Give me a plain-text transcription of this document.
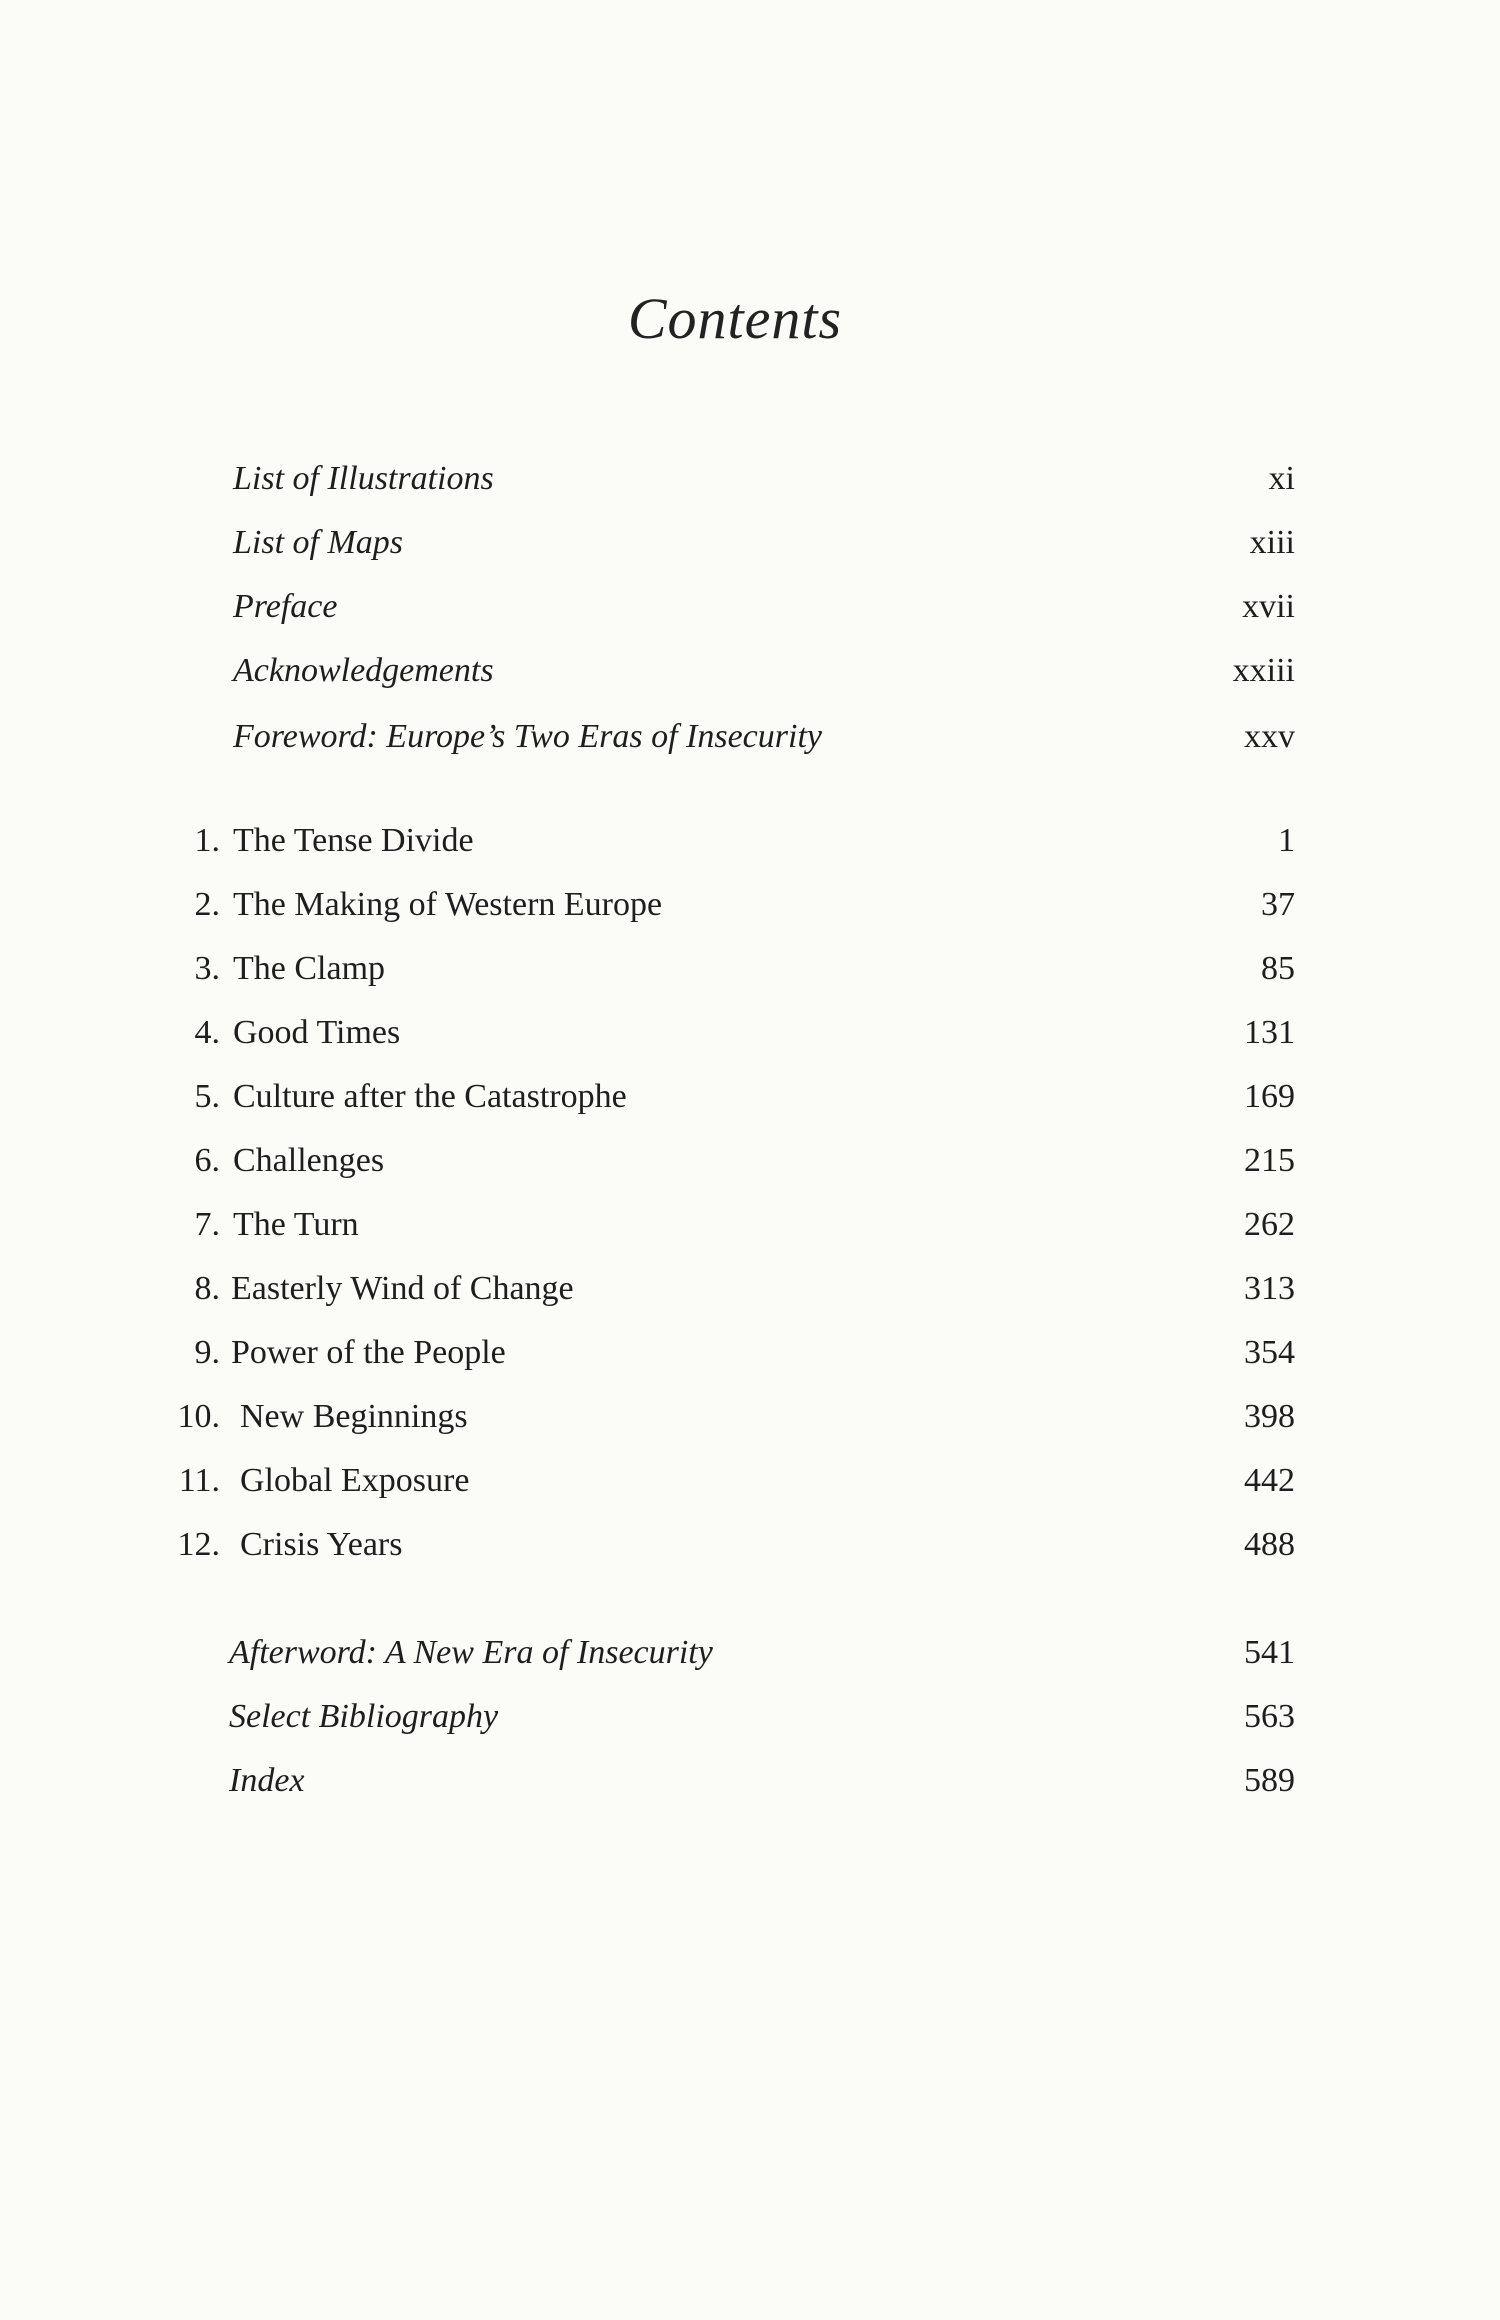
Contents
List of Illustrations	xi
List of Maps	xiii
Preface	xvii
Acknowledgements	xxiii
Foreword: Europe’s Two Eras of Insecurity	xxv
1. The Tense Divide	1
2. The Making of Western Europe	37
3. The Clamp	85
4. Good Times	131
5. Culture after the Catastrophe	169
6. Challenges	215
7. The Turn	262
8. Easterly Wind of Change	313
9. Power of the People	354
10. New Beginnings	398
11. Global Exposure	442
12. Crisis Years	488
Afterword: A New Era of Insecurity	541
Select Bibliography	563
Index	589
